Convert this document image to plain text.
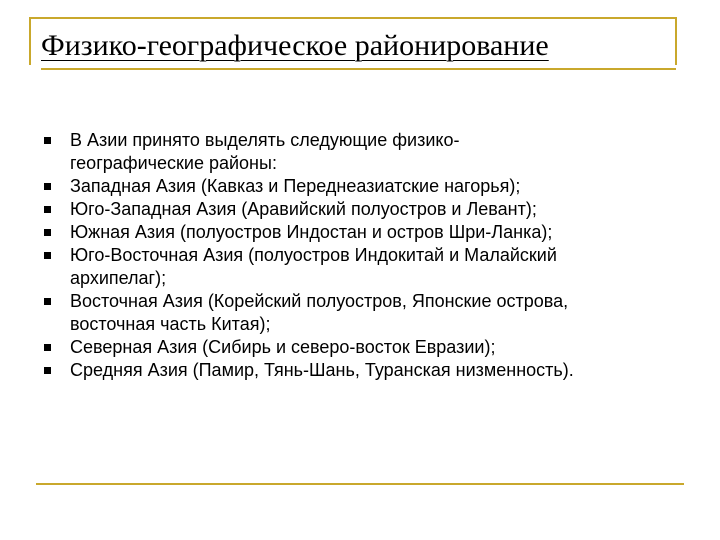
Физико-географическое районирование
В Азии принято выделять следующие физико-
географические районы:
Западная Азия (Кавказ и Переднеазиатские нагорья);
Юго-Западная Азия (Аравийский полуостров и Левант);
Южная Азия (полуостров Индостан и остров Шри-Ланка);
Юго-Восточная Азия (полуостров Индокитай и Малайский
архипелаг);
Восточная Азия (Корейский полуостров, Японские острова,
восточная часть Китая);
Северная Азия (Сибирь и северо-восток Евразии);
Средняя Азия (Памир, Тянь-Шань, Туранская низменность).
